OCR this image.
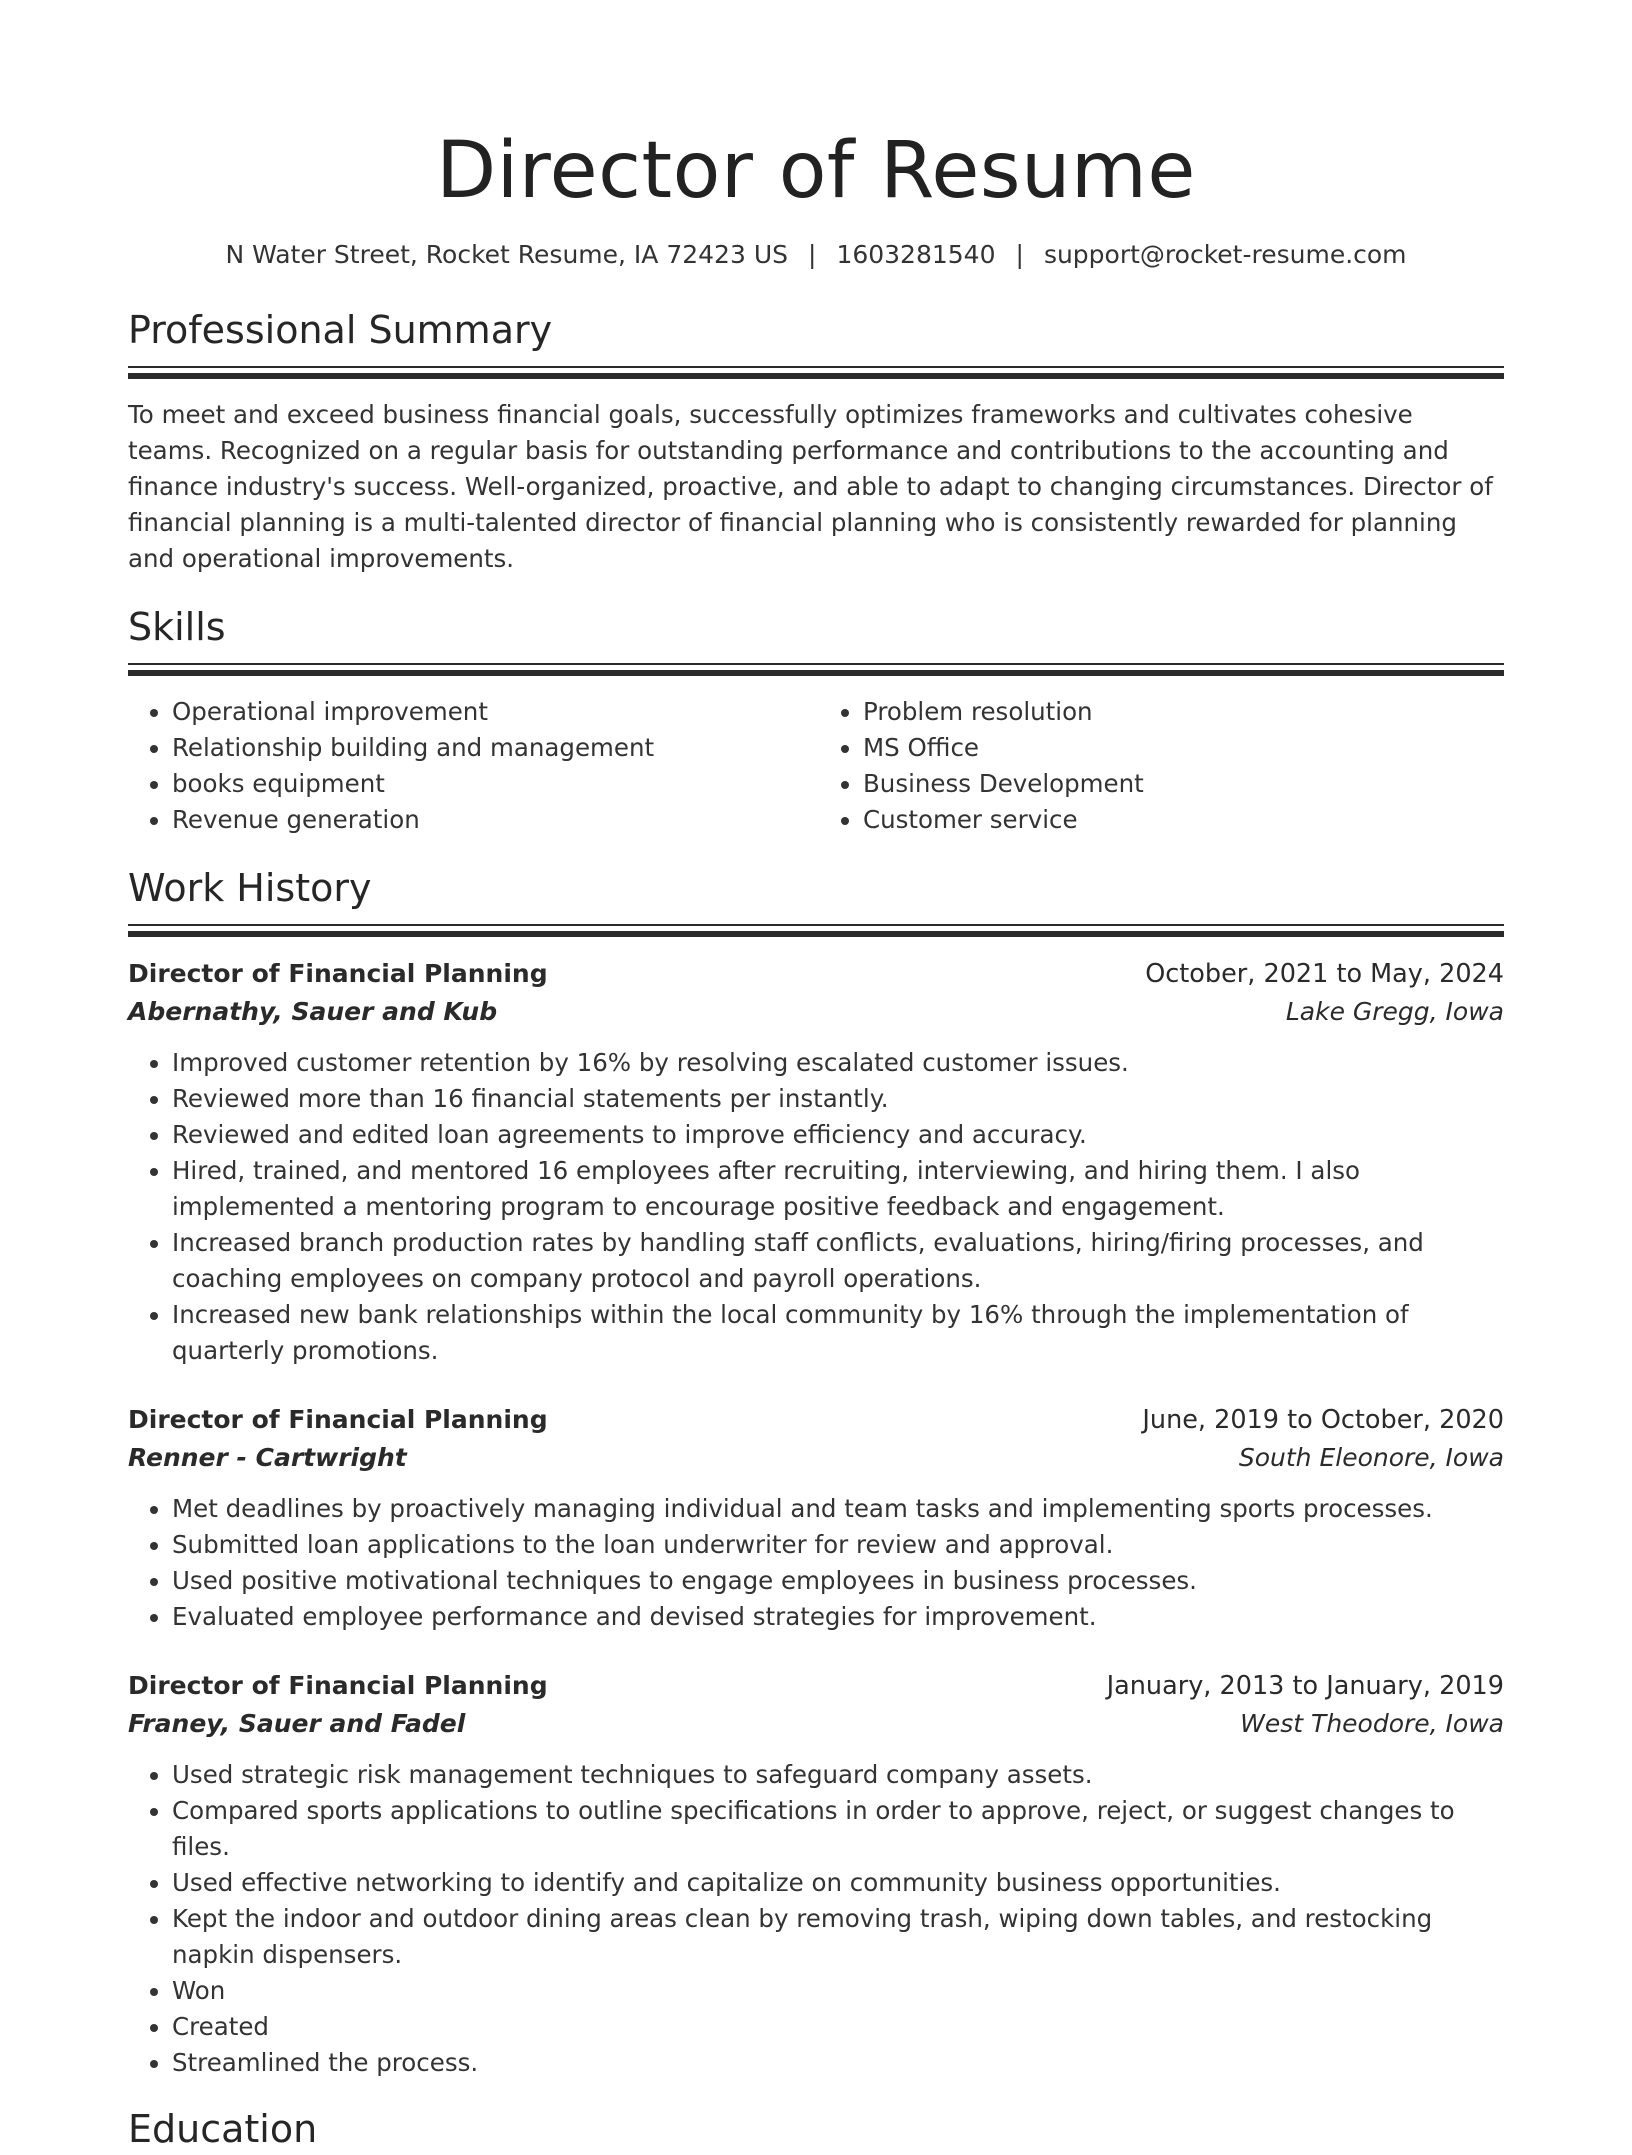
Director of Resume
N Water Street, Rocket Resume, IA 72423 US | 1603281540 | support@rocket-resume.com
Professional Summary

To meet and exceed business financial goals, successfully optimizes frameworks and cultivates cohesive teams. Recognized on a regular basis for outstanding performance and contributions to the accounting and finance industry's success. Well-organized, proactive, and able to adapt to changing circumstances. Director of financial planning is a multi-talented director of financial planning who is consistently rewarded for planning and operational improvements.

Skills
• Operational improvement
• Relationship building and management
• books equipment
• Revenue generation
• Problem resolution
• MS Office
• Business Development
• Customer service
Work History
Director of Financial Planning	October, 2021 to May, 2024
Abernathy, Sauer and Kub	Lake Gregg, Iowa
• Improved customer retention by 16% by resolving escalated customer issues.
• Reviewed more than 16 financial statements per instantly.
• Reviewed and edited loan agreements to improve efficiency and accuracy.
• Hired, trained, and mentored 16 employees after recruiting, interviewing, and hiring them. I also implemented a mentoring program to encourage positive feedback and engagement.
• Increased branch production rates by handling staff conflicts, evaluations, hiring/firing processes, and coaching employees on company protocol and payroll operations.
• Increased new bank relationships within the local community by 16% through the implementation of quarterly promotions.
Director of Financial Planning	June, 2019 to October, 2020
Renner - Cartwright	South Eleonore, Iowa
• Met deadlines by proactively managing individual and team tasks and implementing sports processes.
• Submitted loan applications to the loan underwriter for review and approval.
• Used positive motivational techniques to engage employees in business processes.
• Evaluated employee performance and devised strategies for improvement.
Director of Financial Planning	January, 2013 to January, 2019
Franey, Sauer and Fadel	West Theodore, Iowa
• Used strategic risk management techniques to safeguard company assets.
• Compared sports applications to outline specifications in order to approve, reject, or suggest changes to files.
• Used effective networking to identify and capitalize on community business opportunities.
• Kept the indoor and outdoor dining areas clean by removing trash, wiping down tables, and restocking napkin dispensers.
• Won
• Created
• Streamlined the process.
Education
